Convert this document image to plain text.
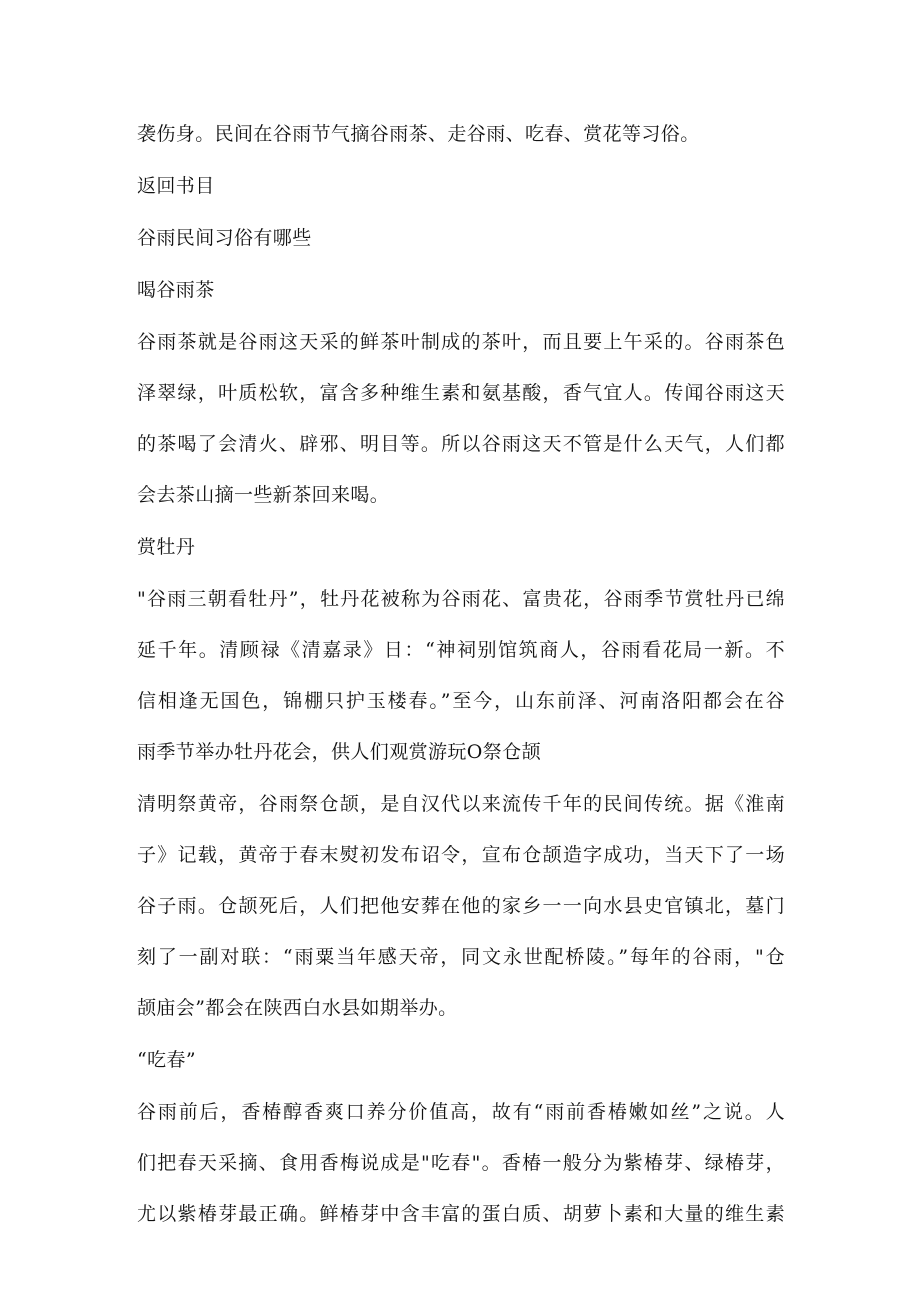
袭伤身。民间在谷雨节气摘谷雨茶、走谷雨、吃春、赏花等习俗。
返回书目
谷雨民间习俗有哪些
喝谷雨茶
谷雨茶就是谷雨这天采的鲜茶叶制成的茶叶，而且要上午采的。谷雨茶色
泽翠绿，叶质松软，富含多种维生素和氨基酸，香气宜人。传闻谷雨这天
的茶喝了会清火、辟邪、明目等。所以谷雨这天不管是什么天气，人们都
会去茶山摘一些新茶回来喝。
赏牡丹
"谷雨三朝看牡丹”，牡丹花被称为谷雨花、富贵花，谷雨季节赏牡丹已绵
延千年。清顾禄《清嘉录》日：“神祠别馆筑商人，谷雨看花局一新。不
信相逢无国色，锦棚只护玉楼春。”至今，山东前泽、河南洛阳都会在谷
雨季节举办牡丹花会，供人们观赏游玩O祭仓颉
清明祭黄帝，谷雨祭仓颉，是自汉代以来流传千年的民间传统。据《淮南
子》记载，黄帝于春末熨初发布诏令，宣布仓颉造字成功，当天下了一场
谷子雨。仓颉死后，人们把他安葬在他的家乡一一向水县史官镇北，墓门
刻了一副对联：“雨粟当年感天帝，同文永世配桥陵。”每年的谷雨，"仓
颉庙会”都会在陕西白水县如期举办。
“吃春”
谷雨前后，香椿醇香爽口养分价值高，故有“雨前香椿嫩如丝”之说。人
们把春天采摘、食用香梅说成是"吃春"。香椿一般分为紫椿芽、绿椿芽，
尤以紫椿芽最正确。鲜椿芽中含丰富的蛋白质、胡萝卜素和大量的维生素
